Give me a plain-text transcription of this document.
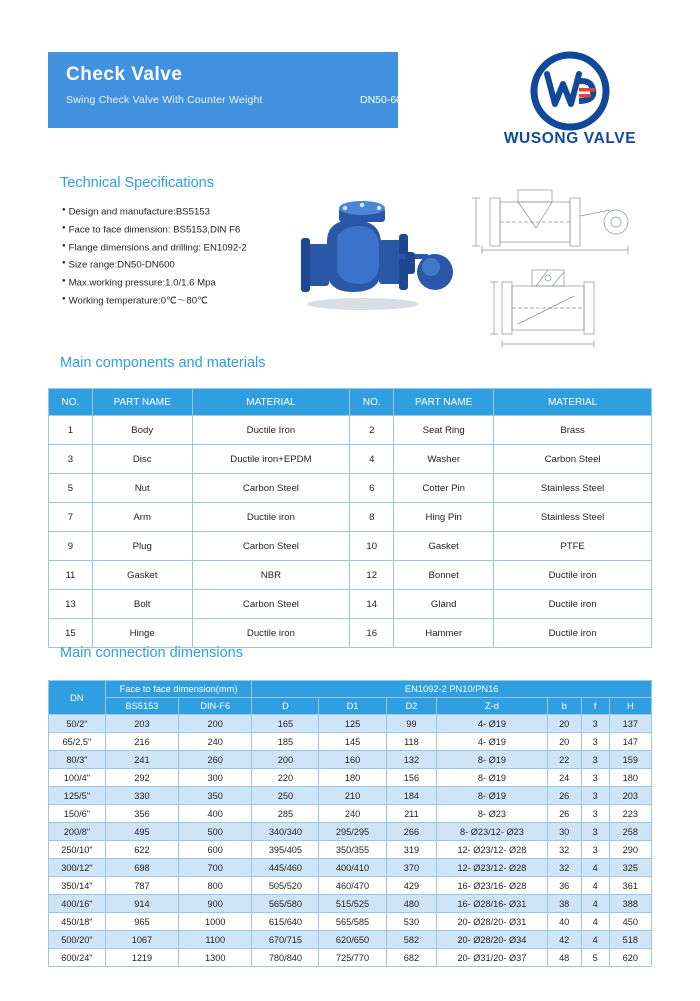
Check Valve
Swing Check Valve With Counter Weight	DN50-600
WUSONG VALVE
Technical Specifications
● Design and manufacture:BS5153
● Face to face dimension: BS5153,DIN F6
● Flange dimensions and drilling: EN1092-2
● Size range:DN50-DN600
● Max.working pressure:1.0/1.6 Mpa
● Working temperature:0℃～80℃
Main components and materials
NO.	PART NAME	MATERIAL	NO.	PART NAME	MATERIAL
1	Body	Ductile Iron	2	Seat Ring	Brass
3	Disc	Ductile iron+EPDM	4	Washer	Carbon Steel
5	Nut	Carbon Steel	6	Cotter Pin	Stainless Steel
7	Arm	Ductile iron	8	Hing Pin	Stainless Steel
9	Plug	Carbon Steel	10	Gasket	PTFE
11	Gasket	NBR	12	Bonnet	Ductile iron
13	Bolt	Carbon Steel	14	Gland	Ductile iron
15	Hinge	Ductile iron	16	Hammer	Ductile iron
Main connection dimensions
DN	Face to face dimension(mm)		EN1092-2 PN10/PN16						
	BS5153	DIN-F6	D	D1	D2	Z-d	b	f	H
50/2"	203	200	165	125	99	4- Ø19	20	3	137
65/2.5"	216	240	185	145	118	4- Ø19	20	3	147
80/3"	241	260	200	160	132	8- Ø19	22	3	159
100/4"	292	300	220	180	156	8- Ø19	24	3	180
125/5"	330	350	250	210	184	8- Ø19	26	3	203
150/6"	356	400	285	240	211	8- Ø23	26	3	223
200/8"	495	500	340/340	295/295	266	8- Ø23/12- Ø23	30	3	258
250/10"	622	600	395/405	350/355	319	12- Ø23/12- Ø28	32	3	290
300/12"	698	700	445/460	400/410	370	12- Ø23/12- Ø28	32	4	325
350/14"	787	800	505/520	460/470	429	16- Ø23/16- Ø28	36	4	361
400/16"	914	900	565/580	515/525	480	16- Ø28/16- Ø31	38	4	388
450/18"	965	1000	615/640	565/585	530	20- Ø28/20- Ø31	40	4	450
500/20"	1067	1100	670/715	620/650	582	20- Ø28/20- Ø34	42	4	518
600/24"	1219	1300	780/840	725/770	682	20- Ø31/20- Ø37	48	5	620
